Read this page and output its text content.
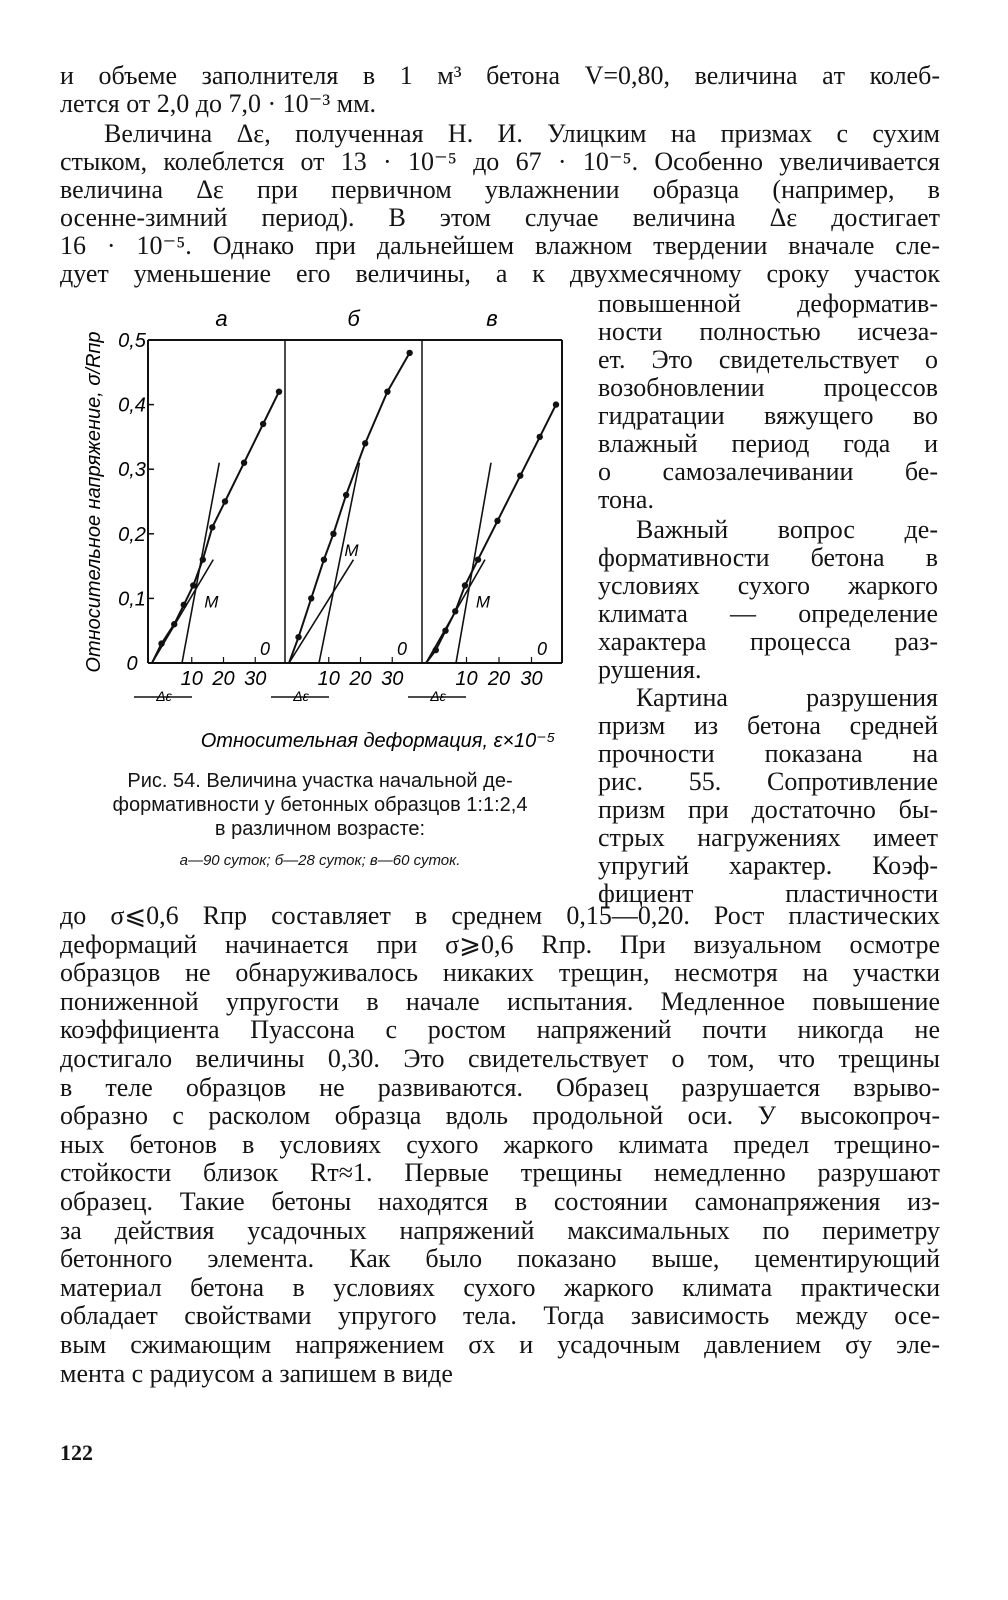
и объеме заполнителя в 1 м³ бетона V=0,80, величина aт колеб-
лется от 2,0 до 7,0 · 10⁻³ мм.
Величина Δε, полученная Н. И. Улицким на призмах с сухим
стыком, колеблется от 13 · 10⁻⁵ до 67 · 10⁻⁵. Особенно увеличивается
величина Δε при первичном увлажнении образца (например, в
осенне-зимний период). В этом случае величина Δε достигает
16 · 10⁻⁵. Однако при дальнейшем влажном твердении вначале сле-
дует уменьшение его величины, а к двухмесячному сроку участок
повышенной деформатив-
ности полностью исчеза-
ет. Это свидетельствует о
возобновлении процессов
гидратации вяжущего во
влажный период года и
о самозалечивании бе-
тона.
Важный вопрос де-
формативности бетона в
условиях сухого жаркого
климата — определение
характера процесса раз-
рушения.
Картина разрушения
призм из бетона средней
прочности показана на
рис. 55. Сопротивление
призм при достаточно бы-
стрых нагружениях имеет
упругий характер. Коэф-
фициент пластичности
0
0,1
0,2
0,3
0,4
0,5
Относительное напряжение, σ/Rпр
Относительная деформация, ε×10⁻⁵
а
M
10 20 30
0
Δε
б
M
10 20 30
0
Δε
в
M
10 20 30
0
Δε
Рис. 54. Величина участка начальной де-
формативности у бетонных образцов 1:1:2,4
в различном возрасте:
а—90 суток; б—28 суток; в—60 суток.
до σ⩽0,6 Rпр составляет в среднем 0,15—0,20. Рост пластических
деформаций начинается при σ⩾0,6 Rпр. При визуальном осмотре
образцов не обнаруживалось никаких трещин, несмотря на участки
пониженной упругости в начале испытания. Медленное повышение
коэффициента Пуассона с ростом напряжений почти никогда не
достигало величины 0,30. Это свидетельствует о том, что трещины
в теле образцов не развиваются. Образец разрушается взрыво-
образно с расколом образца вдоль продольной оси. У высокопроч-
ных бетонов в условиях сухого жаркого климата предел трещино-
стойкости близок Rт≈1. Первые трещины немедленно разрушают
образец. Такие бетоны находятся в состоянии самонапряжения из-
за действия усадочных напряжений максимальных по периметру
бетонного элемента. Как было показано выше, цементирующий
материал бетона в условиях сухого жаркого климата практически
обладает свойствами упругого тела. Тогда зависимость между осе-
вым сжимающим напряжением σx и усадочным давлением σy эле-
мента с радиусом a запишем в виде
122
